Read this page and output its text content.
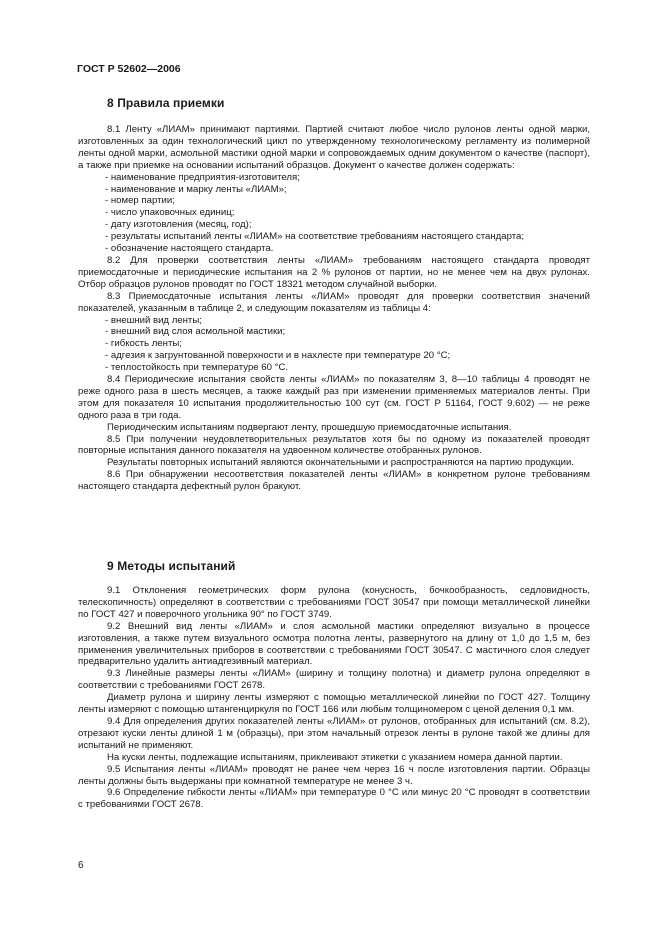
ГОСТ Р 52602—2006
8 Правила приемки
8.1 Ленту «ЛИАМ» принимают партиями. Партией считают любое число рулонов ленты одной марки, изготовленных за один технологический цикл по утвержденному технологическому регламенту из полимерной ленты одной марки, асмольной мастики одной марки и сопровождаемых одним документом о качестве (паспорт), а также при приемке на основании испытаний образцов. Документ о качестве должен содержать:
- наименование предприятия-изготовителя;
- наименование и марку ленты «ЛИАМ»;
- номер партии;
- число упаковочных единиц;
- дату изготовления (месяц, год);
- результаты испытаний ленты «ЛИАМ» на соответствие требованиям настоящего стандарта;
- обозначение настоящего стандарта.
8.2 Для проверки соответствия ленты «ЛИАМ» требованиям настоящего стандарта проводят приемосдаточные и периодические испытания на 2 % рулонов от партии, но не менее чем на двух рулонах. Отбор образцов рулонов проводят по ГОСТ 18321 методом случайной выборки.
8.3 Приемосдаточные испытания ленты «ЛИАМ» проводят для проверки соответствия значений показателей, указанным в таблице 2, и следующим показателям из таблицы 4:
- внешний вид ленты;
- внешний вид слоя асмольной мастики;
- гибкость ленты;
- адгезия к загрунтованной поверхности и в нахлесте при температуре 20 °С;
- теплостойкость при температуре 60 °С.
8.4 Периодические испытания свойств ленты «ЛИАМ» по показателям 3, 8—10 таблицы 4 проводят не реже одного раза в шесть месяцев, а также каждый раз при изменении применяемых материалов ленты. При этом для показателя 10 испытания продолжительностью 100 сут (см. ГОСТ Р 51164, ГОСТ 9.602) — не реже одного раза в три года.
Периодическим испытаниям подвергают ленту, прошедшую приемосдаточные испытания.
8.5 При получении неудовлетворительных результатов хотя бы по одному из показателей проводят повторные испытания данного показателя на удвоенном количестве отобранных рулонов.
Результаты повторных испытаний являются окончательными и распространяются на партию продукции.
8.6 При обнаружении несоответствия показателей ленты «ЛИАМ» в конкретном рулоне требованиям настоящего стандарта дефектный рулон бракуют.
9 Методы испытаний
9.1 Отклонения геометрических форм рулона (конусность, бочкообразность, седловидность, телескопичность) определяют в соответствии с требованиями ГОСТ 30547 при помощи металлической линейки по ГОСТ 427 и поверочного угольника 90° по ГОСТ 3749.
9.2 Внешний вид ленты «ЛИАМ» и слоя асмольной мастики определяют визуально в процессе изготовления, а также путем визуального осмотра полотна ленты, развернутого на длину от 1,0 до 1,5 м, без применения увеличительных приборов в соответствии с требованиями ГОСТ 30547. С мастичного слоя следует предварительно удалить антиадгезивный материал.
9.3 Линейные размеры ленты «ЛИАМ» (ширину и толщину полотна) и диаметр рулона определяют в соответствии с требованиями ГОСТ 2678.
Диаметр рулона и ширину ленты измеряют с помощью металлической линейки по ГОСТ 427. Толщину ленты измеряют с помощью штангенциркуля по ГОСТ 166 или любым толщиномером с ценой деления 0,1 мм.
9.4 Для определения других показателей ленты «ЛИАМ» от рулонов, отобранных для испытаний (см. 8.2), отрезают куски ленты длиной 1 м (образцы), при этом начальный отрезок ленты в рулоне такой же длины для испытаний не применяют.
На куски ленты, подлежащие испытаниям, приклеивают этикетки с указанием номера данной партии.
9.5 Испытания ленты «ЛИАМ» проводят не ранее чем через 16 ч после изготовления партии. Образцы ленты должны быть выдержаны при комнатной температуре не менее 3 ч.
9.6 Определение гибкости ленты «ЛИАМ» при температуре 0 °С или минус 20 °С проводят в соответствии с требованиями ГОСТ 2678.
6
